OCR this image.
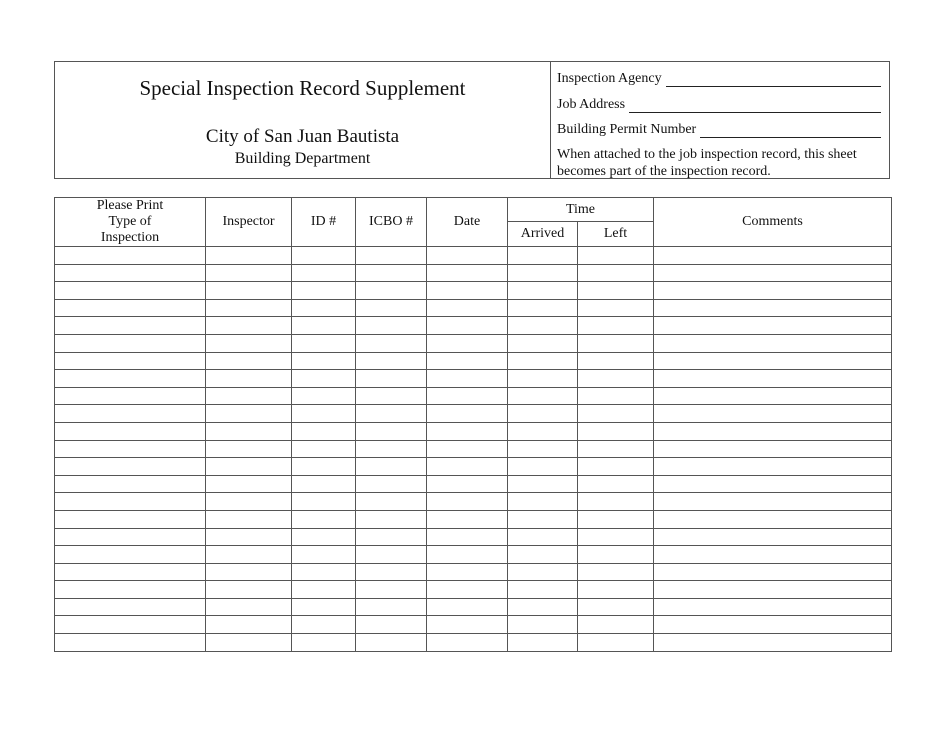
Special Inspection Record Supplement
City of San Juan Bautista
Building Department
Inspection Agency
Job Address
Building Permit Number
When attached to the job inspection record, this sheet becomes part of the inspection record.
Please Print
Type of
Inspection	Inspector	ID #	ICBO #	Date	Time		Comments
					Arrived	Left	
